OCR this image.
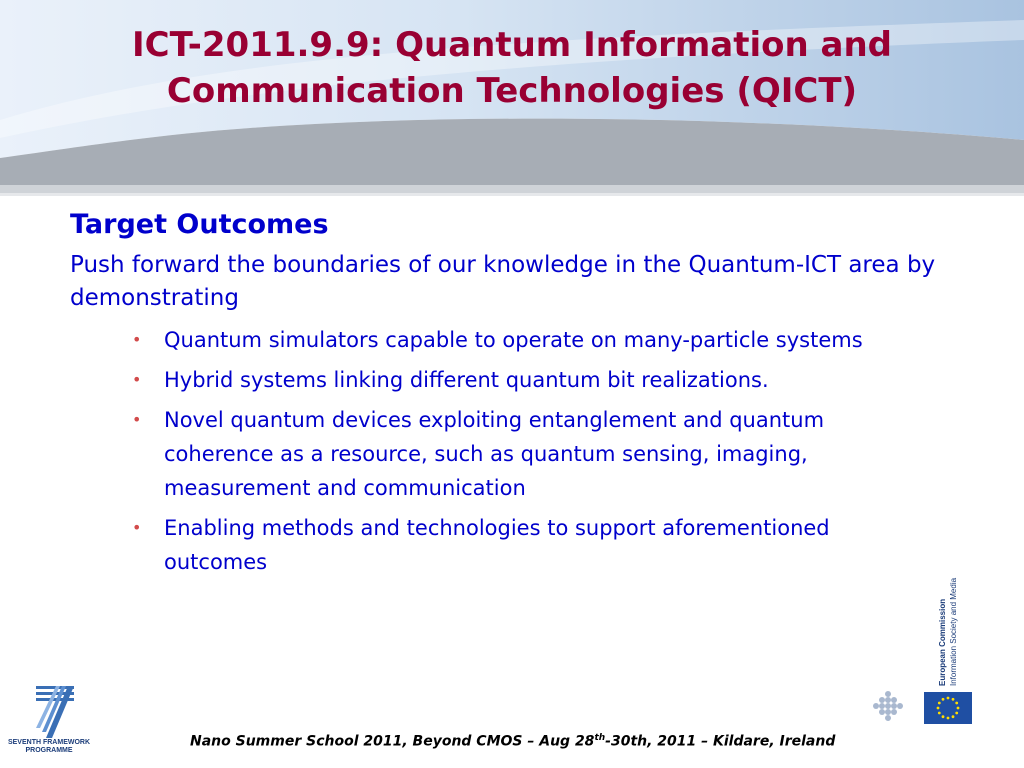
ICT-2011.9.9: Quantum Information and Communication Technologies (QICT)
Target Outcomes

Push forward the boundaries of our knowledge in the Quantum-ICT area by demonstrating

• Quantum simulators capable to operate on many-particle systems
• Hybrid systems linking different quantum bit realizations.
• Novel quantum devices exploiting entanglement and quantum coherence as a resource, such as quantum sensing, imaging, measurement and communication
• Enabling methods and technologies to support aforementioned outcomes
SEVENTH FRAMEWORK
PROGRAMME
European Commission Information Society and Media
Nano Summer School 2011, Beyond CMOS – Aug 28th-30th, 2011 – Kildare, Ireland
